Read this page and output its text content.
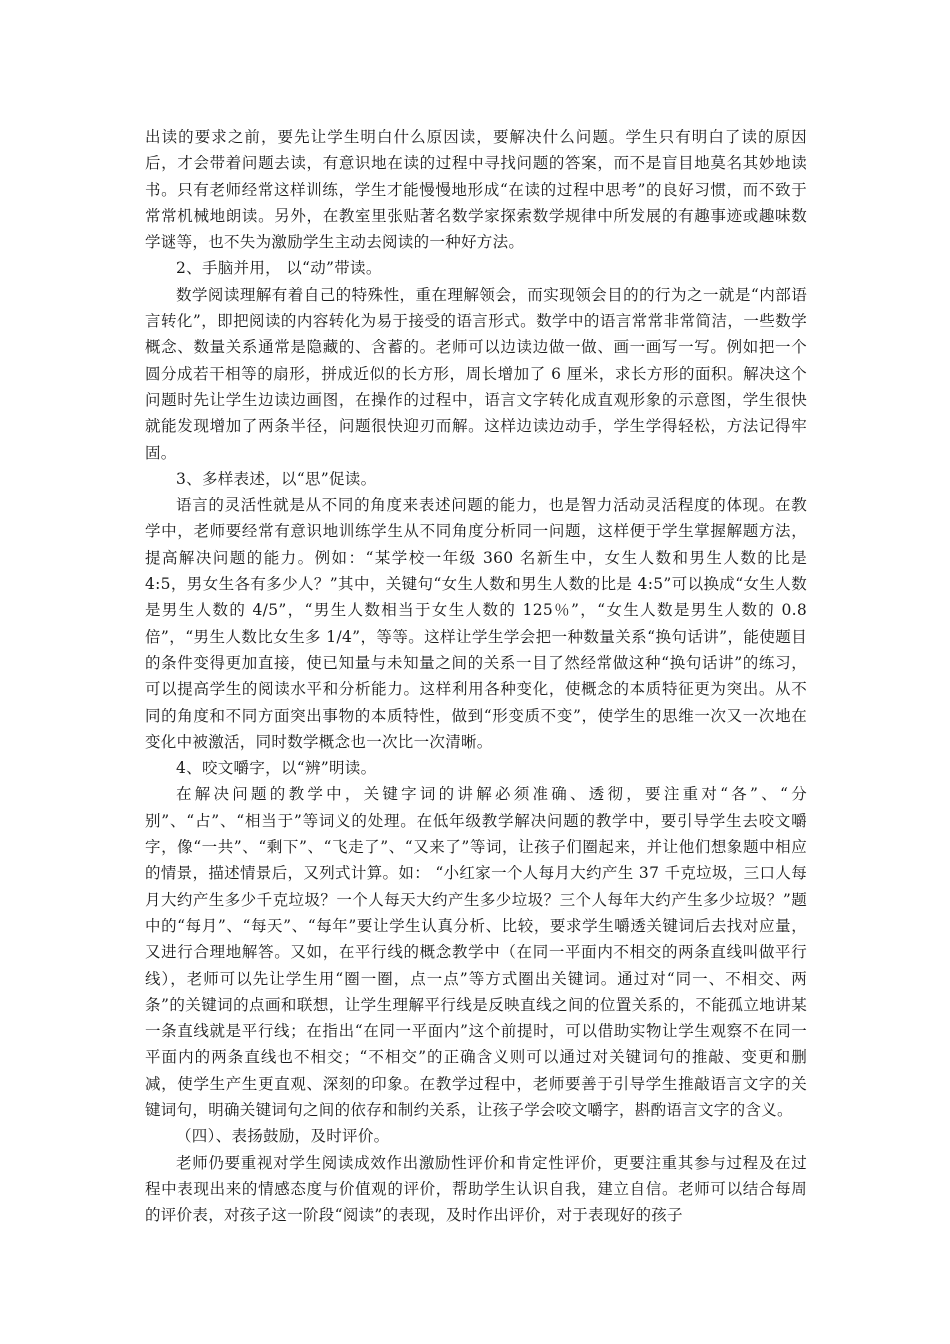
出读的要求之前，要先让学生明白什么原因读，要解决什么问题。学生只有明白了读的原因后，才会带着问题去读，有意识地在读的过程中寻找问题的答案，而不是盲目地莫名其妙地读书。只有老师经常这样训练，学生才能慢慢地形成“在读的过程中思考”的良好习惯，而不致于常常机械地朗读。另外，在教室里张贴著名数学家探索数学规律中所发展的有趣事迹或趣味数学谜等，也不失为激励学生主动去阅读的一种好方法。

2、手脑并用， 以“动”带读。

数学阅读理解有着自己的特殊性，重在理解领会，而实现领会目的的行为之一就是“内部语言转化”，即把阅读的内容转化为易于接受的语言形式。数学中的语言常常非常简洁，一些数学概念、数量关系通常是隐藏的、含蓄的。老师可以边读边做一做、画一画写一写。例如把一个圆分成若干相等的扇形，拼成近似的长方形，周长增加了 6 厘米，求长方形的面积。解决这个问题时先让学生边读边画图，在操作的过程中，语言文字转化成直观形象的示意图，学生很快就能发现增加了两条半径，问题很快迎刃而解。这样边读边动手，学生学得轻松，方法记得牢固。

3、多样表述，以“思”促读。

语言的灵活性就是从不同的角度来表述问题的能力，也是智力活动灵活程度的体现。在教学中，老师要经常有意识地训练学生从不同角度分析同一问题，这样便于学生掌握解题方法，提高解决问题的能力。例如：“某学校一年级 360 名新生中，女生人数和男生人数的比是 4:5，男女生各有多少人？”其中，关键句“女生人数和男生人数的比是 4:5”可以换成“女生人数是男生人数的 4/5”，“男生人数相当于女生人数的 125％”，“女生人数是男生人数的 0.8 倍”，“男生人数比女生多 1/4”，等等。这样让学生学会把一种数量关系“换句话讲”，能使题目的条件变得更加直接，使已知量与未知量之间的关系一目了然经常做这种“换句话讲”的练习，可以提高学生的阅读水平和分析能力。这样利用各种变化，使概念的本质特征更为突出。从不同的角度和不同方面突出事物的本质特性，做到“形变质不变”，使学生的思维一次又一次地在变化中被激活，同时数学概念也一次比一次清晰。

4、咬文嚼字，以“辨”明读。

在解决问题的教学中，关键字词的讲解必须准确、透彻，要注重对“各”、“分别”、“占”、“相当于”等词义的处理。在低年级教学解决问题的教学中，要引导学生去咬文嚼字，像“一共”、“剩下”、“飞走了”、“又来了”等词，让孩子们圈起来，并让他们想象题中相应的情景，描述情景后，又列式计算。如： “小红家一个人每月大约产生 37 千克垃圾，三口人每月大约产生多少千克垃圾？一个人每天大约产生多少垃圾？三个人每年大约产生多少垃圾？”题中的“每月”、“每天”、“每年”要让学生认真分析、比较，要求学生嚼透关键词后去找对应量，又进行合理地解答。又如，在平行线的概念教学中（在同一平面内不相交的两条直线叫做平行线），老师可以先让学生用“圈一圈，点一点”等方式圈出关键词。通过对“同一、不相交、两条”的关键词的点画和联想，让学生理解平行线是反映直线之间的位置关系的，不能孤立地讲某一条直线就是平行线；在指出“在同一平面内”这个前提时，可以借助实物让学生观察不在同一平面内的两条直线也不相交；“不相交”的正确含义则可以通过对关键词句的推敲、变更和删减，使学生产生更直观、深刻的印象。在教学过程中，老师要善于引导学生推敲语言文字的关键词句，明确关键词句之间的依存和制约关系，让孩子学会咬文嚼字，斟酌语言文字的含义。

（四）、表扬鼓励，及时评价。

老师仍要重视对学生阅读成效作出激励性评价和肯定性评价，更要注重其参与过程及在过程中表现出来的情感态度与价值观的评价，帮助学生认识自我，建立自信。老师可以结合每周的评价表，对孩子这一阶段“阅读”的表现，及时作出评价，对于表现好的孩子
